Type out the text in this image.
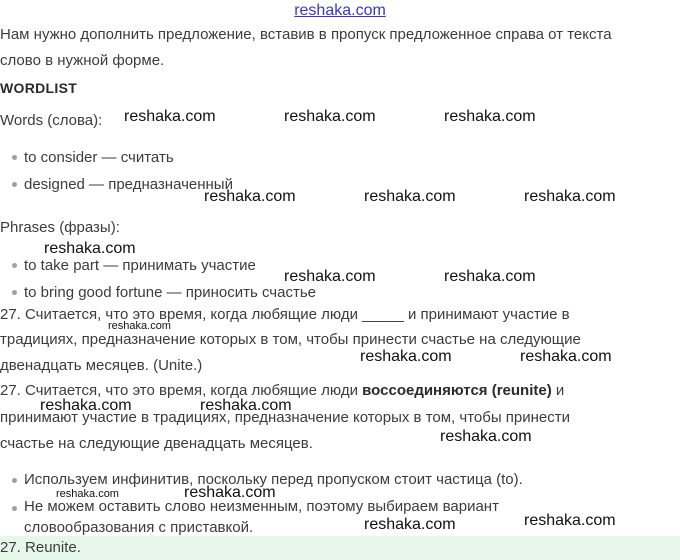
reshaka.com
Нам нужно дополнить предложение, вставив в пропуск предложенное справа от текста
слово в нужной форме.
WORDLIST
Words (слова):
to consider — считать
designed — предназначенный
Phrases (фразы):
to take part — принимать участие
to bring good fortune — приносить счастье
27. Считается, что это время, когда любящие люди _____ и принимают участие в
традициях, предназначение которых в том, чтобы принести счастье на следующие
двенадцать месяцев. (Unite.)
27. Считается, что это время, когда любящие люди воссоединяются (reunite) и
принимают участие в традициях, предназначение которых в том, чтобы принести
счастье на следующие двенадцать месяцев.
Используем инфинитив, поскольку перед пропуском стоит частица (to).
Не можем оставить слово неизменным, поэтому выбираем вариант
словообразования с приставкой.
27. Reunite.
reshaka.com	reshaka.com	reshaka.com
reshaka.com	reshaka.com	reshaka.com
reshaka.com
reshaka.com	reshaka.com
reshaka.com
reshaka.com	reshaka.com
reshaka.com	reshaka.com
reshaka.com
reshaka.com	reshaka.com
reshaka.com	reshaka.com
